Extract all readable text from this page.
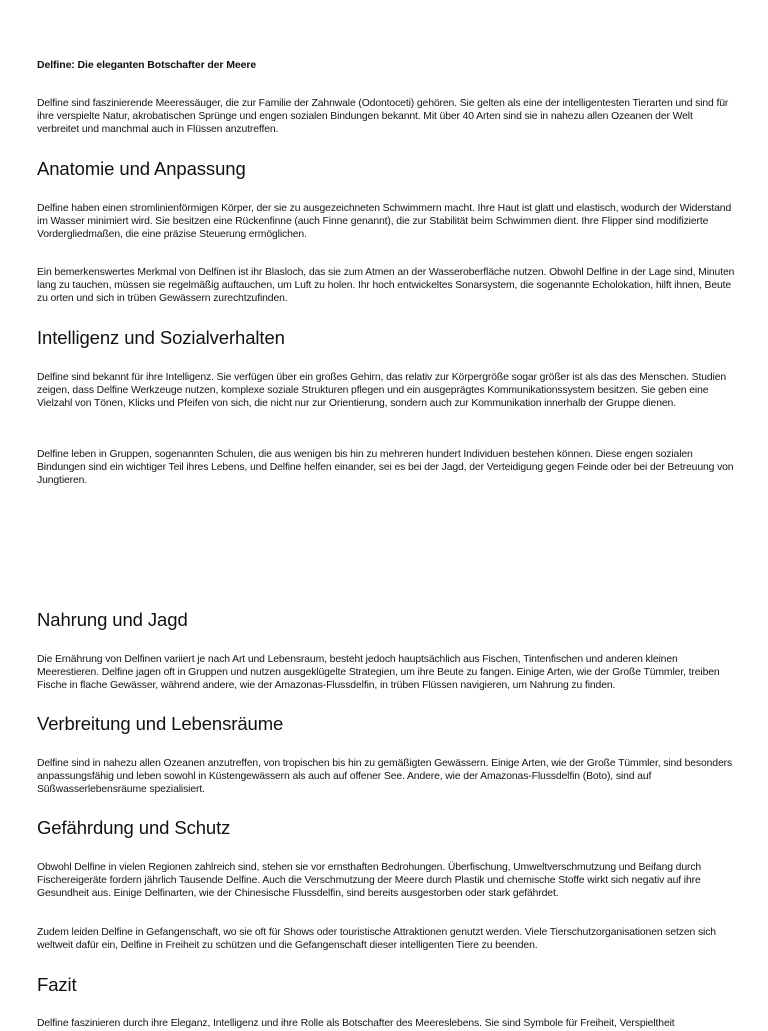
Delfine: Die eleganten Botschafter der Meere

Delfine sind faszinierende Meeressäuger, die zur Familie der Zahnwale (Odontoceti) gehören. Sie gelten als eine der intelligentesten Tierarten und sind für ihre verspielte Natur, akrobatischen Sprünge und engen sozialen Bindungen bekannt. Mit über 40 Arten sind sie in nahezu allen Ozeanen der Welt verbreitet und manchmal auch in Flüssen anzutreffen.

Anatomie und Anpassung

Delfine haben einen stromlinienförmigen Körper, der sie zu ausgezeichneten Schwimmern macht. Ihre Haut ist glatt und elastisch, wodurch der Widerstand im Wasser minimiert wird. Sie besitzen eine Rückenfinne (auch Finne genannt), die zur Stabilität beim Schwimmen dient. Ihre Flipper sind modifizierte Vordergliedmaßen, die eine präzise Steuerung ermöglichen.

Ein bemerkenswertes Merkmal von Delfinen ist ihr Blasloch, das sie zum Atmen an der Wasseroberfläche nutzen. Obwohl Delfine in der Lage sind, Minuten lang zu tauchen, müssen sie regelmäßig auftauchen, um Luft zu holen. Ihr hoch entwickeltes Sonarsystem, die sogenannte Echolokation, hilft ihnen, Beute zu orten und sich in trüben Gewässern zurechtzufinden.

Intelligenz und Sozialverhalten

Delfine sind bekannt für ihre Intelligenz. Sie verfügen über ein großes Gehirn, das relativ zur Körpergröße sogar größer ist als das des Menschen. Studien zeigen, dass Delfine Werkzeuge nutzen, komplexe soziale Strukturen pflegen und ein ausgeprägtes Kommunikationssystem besitzen. Sie geben eine Vielzahl von Tönen, Klicks und Pfeifen von sich, die nicht nur zur Orientierung, sondern auch zur Kommunikation innerhalb der Gruppe dienen.

Delfine leben in Gruppen, sogenannten Schulen, die aus wenigen bis hin zu mehreren hundert Individuen bestehen können. Diese engen sozialen Bindungen sind ein wichtiger Teil ihres Lebens, und Delfine helfen einander, sei es bei der Jagd, der Verteidigung gegen Feinde oder bei der Betreuung von Jungtieren.

Nahrung und Jagd

Die Ernährung von Delfinen variiert je nach Art und Lebensraum, besteht jedoch hauptsächlich aus Fischen, Tintenfischen und anderen kleinen Meerestieren. Delfine jagen oft in Gruppen und nutzen ausgeklügelte Strategien, um ihre Beute zu fangen. Einige Arten, wie der Große Tümmler, treiben Fische in flache Gewässer, während andere, wie der Amazonas-Flussdelfin, in trüben Flüssen navigieren, um Nahrung zu finden.

Verbreitung und Lebensräume

Delfine sind in nahezu allen Ozeanen anzutreffen, von tropischen bis hin zu gemäßigten Gewässern. Einige Arten, wie der Große Tümmler, sind besonders anpassungsfähig und leben sowohl in Küstengewässern als auch auf offener See. Andere, wie der Amazonas-Flussdelfin (Boto), sind auf Süßwasserlebensräume spezialisiert.

Gefährdung und Schutz

Obwohl Delfine in vielen Regionen zahlreich sind, stehen sie vor ernsthaften Bedrohungen. Überfischung, Umweltverschmutzung und Beifang durch Fischereigeräte fordern jährlich Tausende Delfine. Auch die Verschmutzung der Meere durch Plastik und chemische Stoffe wirkt sich negativ auf ihre Gesundheit aus. Einige Delfinarten, wie der Chinesische Flussdelfin, sind bereits ausgestorben oder stark gefährdet.

Zudem leiden Delfine in Gefangenschaft, wo sie oft für Shows oder touristische Attraktionen genutzt werden. Viele Tierschutzorganisationen setzen sich weltweit dafür ein, Delfine in Freiheit zu schützen und die Gefangenschaft dieser intelligenten Tiere zu beenden.

Fazit

Delfine faszinieren durch ihre Eleganz, Intelligenz und ihre Rolle als Botschafter des Meereslebens. Sie sind Symbole für Freiheit, Verspieltheit
